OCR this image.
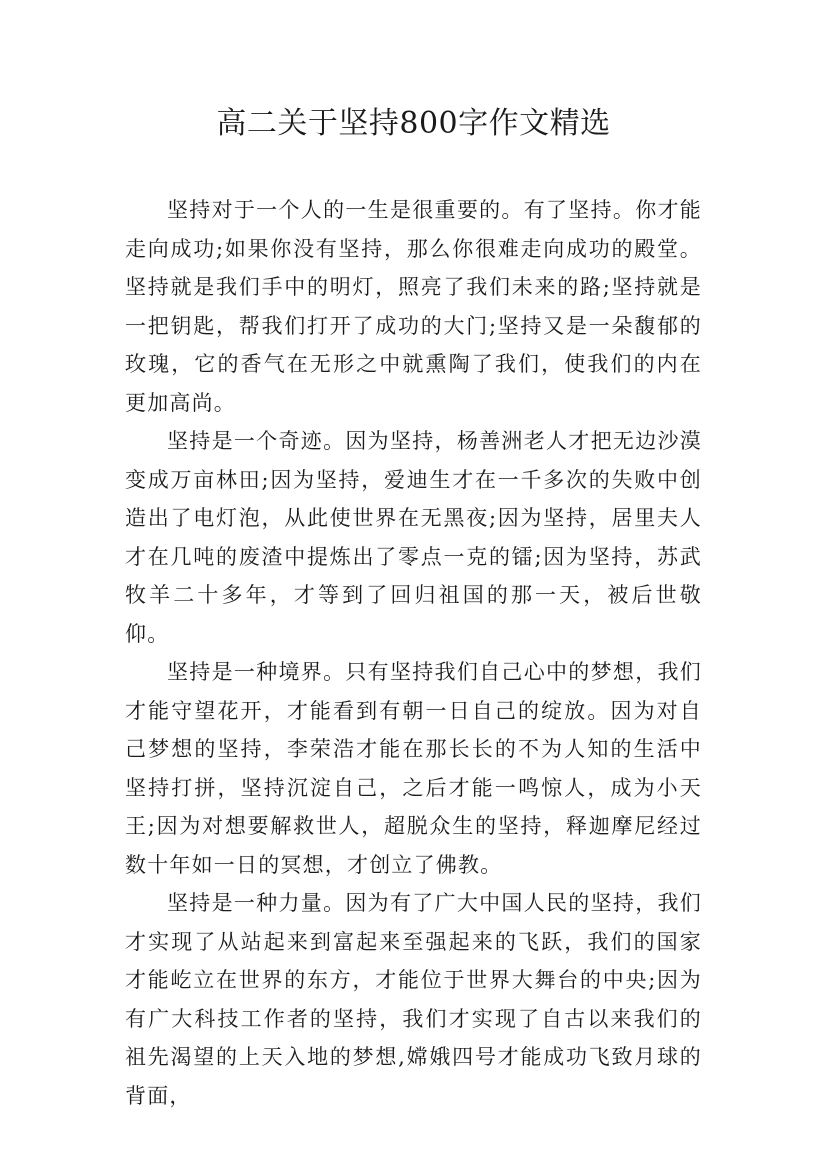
高二关于坚持800字作文精选

坚持对于一个人的一生是很重要的。有了坚持。你才能走向成功;如果你没有坚持，那么你很难走向成功的殿堂。坚持就是我们手中的明灯，照亮了我们未来的路;坚持就是一把钥匙，帮我们打开了成功的大门;坚持又是一朵馥郁的玫瑰，它的香气在无形之中就熏陶了我们，使我们的内在更加高尚。

坚持是一个奇迹。因为坚持，杨善洲老人才把无边沙漠变成万亩林田;因为坚持，爱迪生才在一千多次的失败中创造出了电灯泡，从此使世界在无黑夜;因为坚持，居里夫人才在几吨的废渣中提炼出了零点一克的镭;因为坚持，苏武牧羊二十多年，才等到了回归祖国的那一天，被后世敬仰。

坚持是一种境界。只有坚持我们自己心中的梦想，我们才能守望花开，才能看到有朝一日自己的绽放。因为对自己梦想的坚持，李荣浩才能在那长长的不为人知的生活中坚持打拼，坚持沉淀自己，之后才能一鸣惊人，成为小天王;因为对想要解救世人，超脱众生的坚持，释迦摩尼经过数十年如一日的冥想，才创立了佛教。

坚持是一种力量。因为有了广大中国人民的坚持，我们才实现了从站起来到富起来至强起来的飞跃，我们的国家才能屹立在世界的东方，才能位于世界大舞台的中央;因为有广大科技工作者的坚持，我们才实现了自古以来我们的祖先渴望的上天入地的梦想,嫦娥四号才能成功飞致月球的背面，
